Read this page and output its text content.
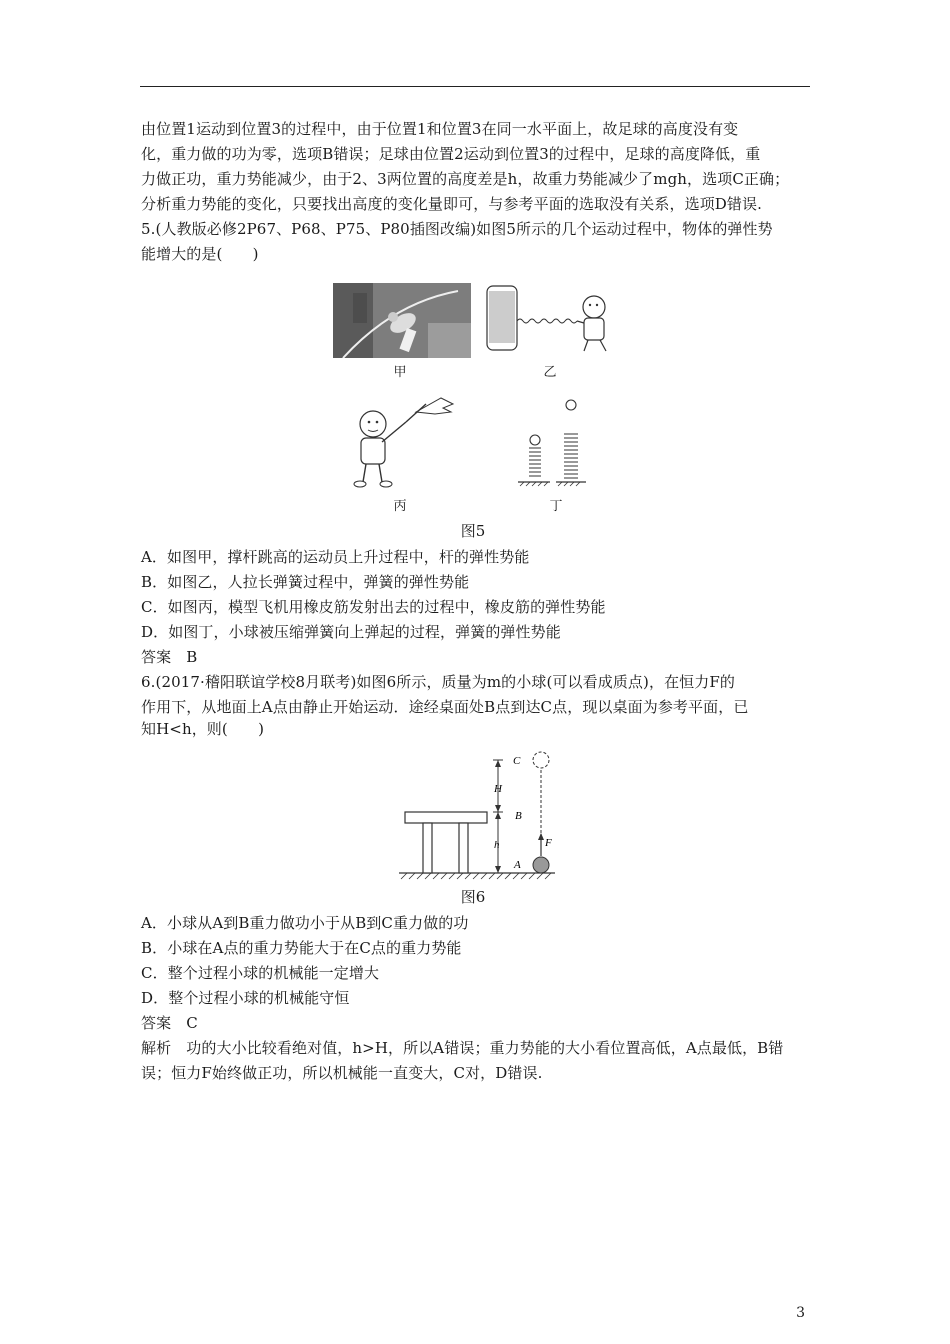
由位置1运动到位置3的过程中，由于位置1和位置3在同一水平面上，故足球的高度没有变

化，重力做的功为零，选项B错误；足球由位置2运动到位置3的过程中，足球的高度降低，重

力做正功，重力势能减少，由于2、3两位置的高度差是h，故重力势能减少了mgh，选项C正确；

分析重力势能的变化，只要找出高度的变化量即可，与参考平面的选取没有关系，选项D错误.

5.(人教版必修2P67、P68、P75、P80插图改编)如图5所示的几个运动过程中，物体的弹性势

能增大的是(　　)

甲	乙
丙	丁
图5

A．如图甲，撑杆跳高的运动员上升过程中，杆的弹性势能

B．如图乙，人拉长弹簧过程中，弹簧的弹性势能

C．如图丙，模型飞机用橡皮筋发射出去的过程中，橡皮筋的弹性势能

D．如图丁，小球被压缩弹簧向上弹起的过程，弹簧的弹性势能

答案　B

6.(2017·稽阳联谊学校8月联考)如图6所示，质量为m的小球(可以看成质点)，在恒力F的

作用下，从地面上A点由静止开始运动．途经桌面处B点到达C点，现以桌面为参考平面，已

知H<h，则(　　)

C
H
B
h	F
A
图6

A．小球从A到B重力做功小于从B到C重力做的功

B．小球在A点的重力势能大于在C点的重力势能

C．整个过程小球的机械能一定增大

D．整个过程小球的机械能守恒

答案　C

解析　功的大小比较看绝对值，h>H，所以A错误；重力势能的大小看位置高低，A点最低，B错

误；恒力F始终做正功，所以机械能一直变大，C对，D错误.

3
